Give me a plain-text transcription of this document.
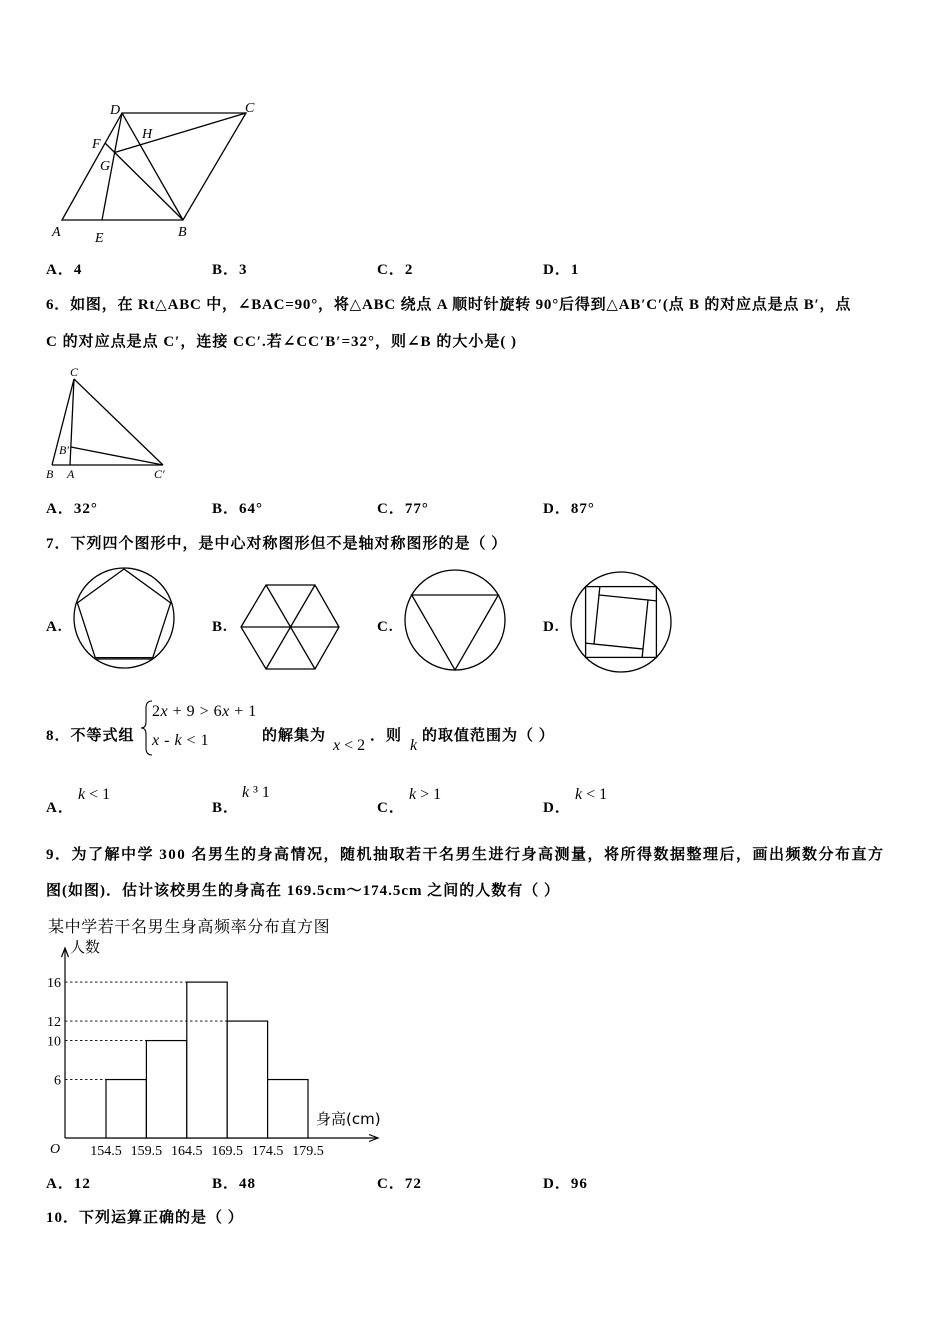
D	C
H
F
G
A E	B
A．4	B．3	C．2	D．1
6．如图，在 Rt△ABC 中，∠BAC=90°，将△ABC 绕点 A 顺时针旋转 90°后得到△AB′C′(点 B 的对应点是点 B′，点
C 的对应点是点 C′，连接 CC′.若∠CC′B′=32°，则∠B 的大小是( )
C
B′
B A	C′
A．32°	B．64°	C．77°	D．87°
7．下列四个图形中，是中心对称图形但不是轴对称图形的是（ ）
A.	B.	C.	D.
8．不等式组
2x + 9 > 6x + 1
x - k < 1	的解集为
x < 2
．则
k
的取值范围为（ ）
A．
k < 1
B．
k ³ 1
C．
k > 1
D．
k < 1
9．为了解中学 300 名男生的身高情况，随机抽取若干名男生进行身高测量，将所得数据整理后，画出频数分布直方
图(如图)．估计该校男生的身高在 169.5cm～174.5cm 之间的人数有（ ）
某中学若干名男生身高频率分布直方图
人数
身高(cm)
O
16
12
10
6
154.5 159.5 164.5 169.5 174.5 179.5
A．12	B．48	C．72	D．96
10．下列运算正确的是（ ）
